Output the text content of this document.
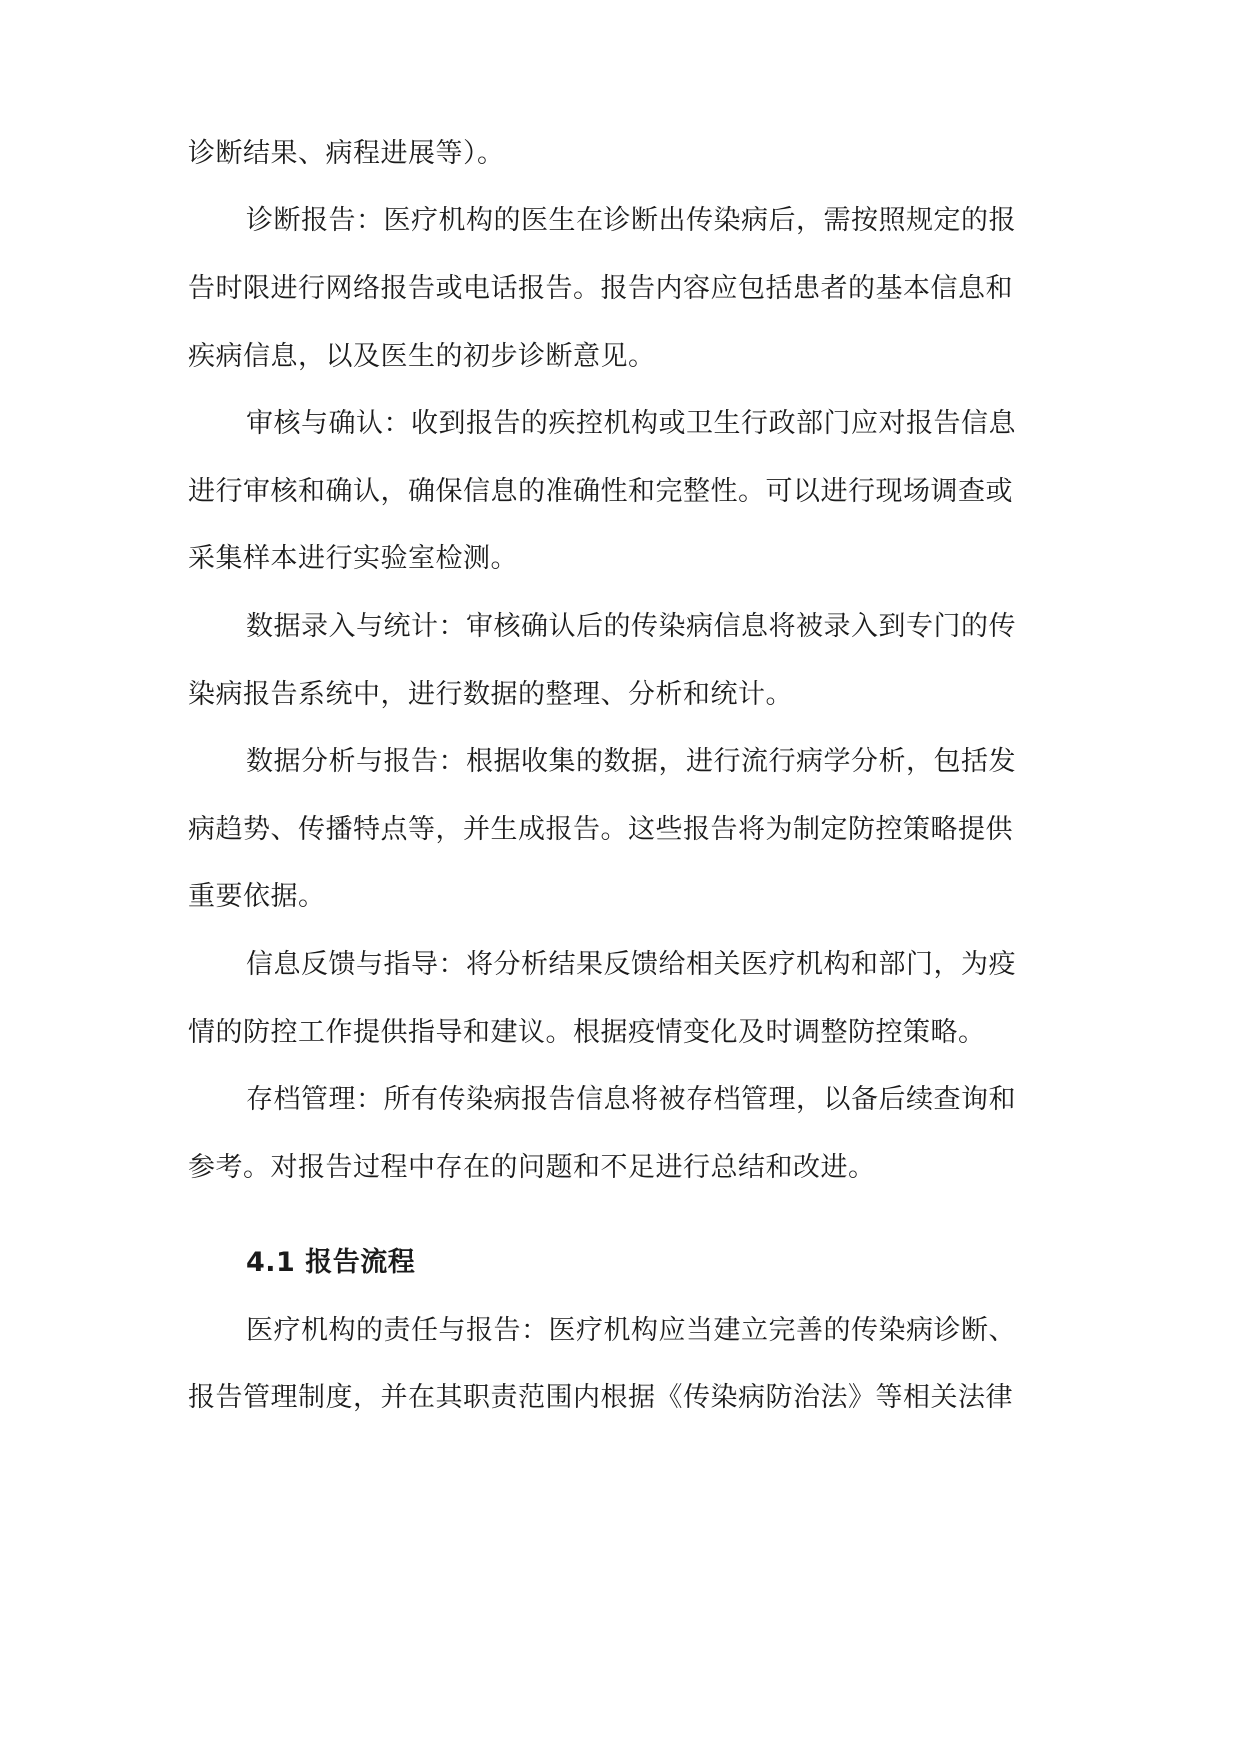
诊断结果、病程进展等）。
诊断报告：医疗机构的医生在诊断出传染病后，需按照规定的报
告时限进行网络报告或电话报告。报告内容应包括患者的基本信息和
疾病信息，以及医生的初步诊断意见。
审核与确认：收到报告的疾控机构或卫生行政部门应对报告信息
进行审核和确认，确保信息的准确性和完整性。可以进行现场调查或
采集样本进行实验室检测。
数据录入与统计：审核确认后的传染病信息将被录入到专门的传
染病报告系统中，进行数据的整理、分析和统计。
数据分析与报告：根据收集的数据，进行流行病学分析，包括发
病趋势、传播特点等，并生成报告。这些报告将为制定防控策略提供
重要依据。
信息反馈与指导：将分析结果反馈给相关医疗机构和部门，为疫
情的防控工作提供指导和建议。根据疫情变化及时调整防控策略。
存档管理：所有传染病报告信息将被存档管理，以备后续查询和
参考。对报告过程中存在的问题和不足进行总结和改进。
4.1 报告流程
医疗机构的责任与报告：医疗机构应当建立完善的传染病诊断、
报告管理制度，并在其职责范围内根据《传染病防治法》等相关法律
